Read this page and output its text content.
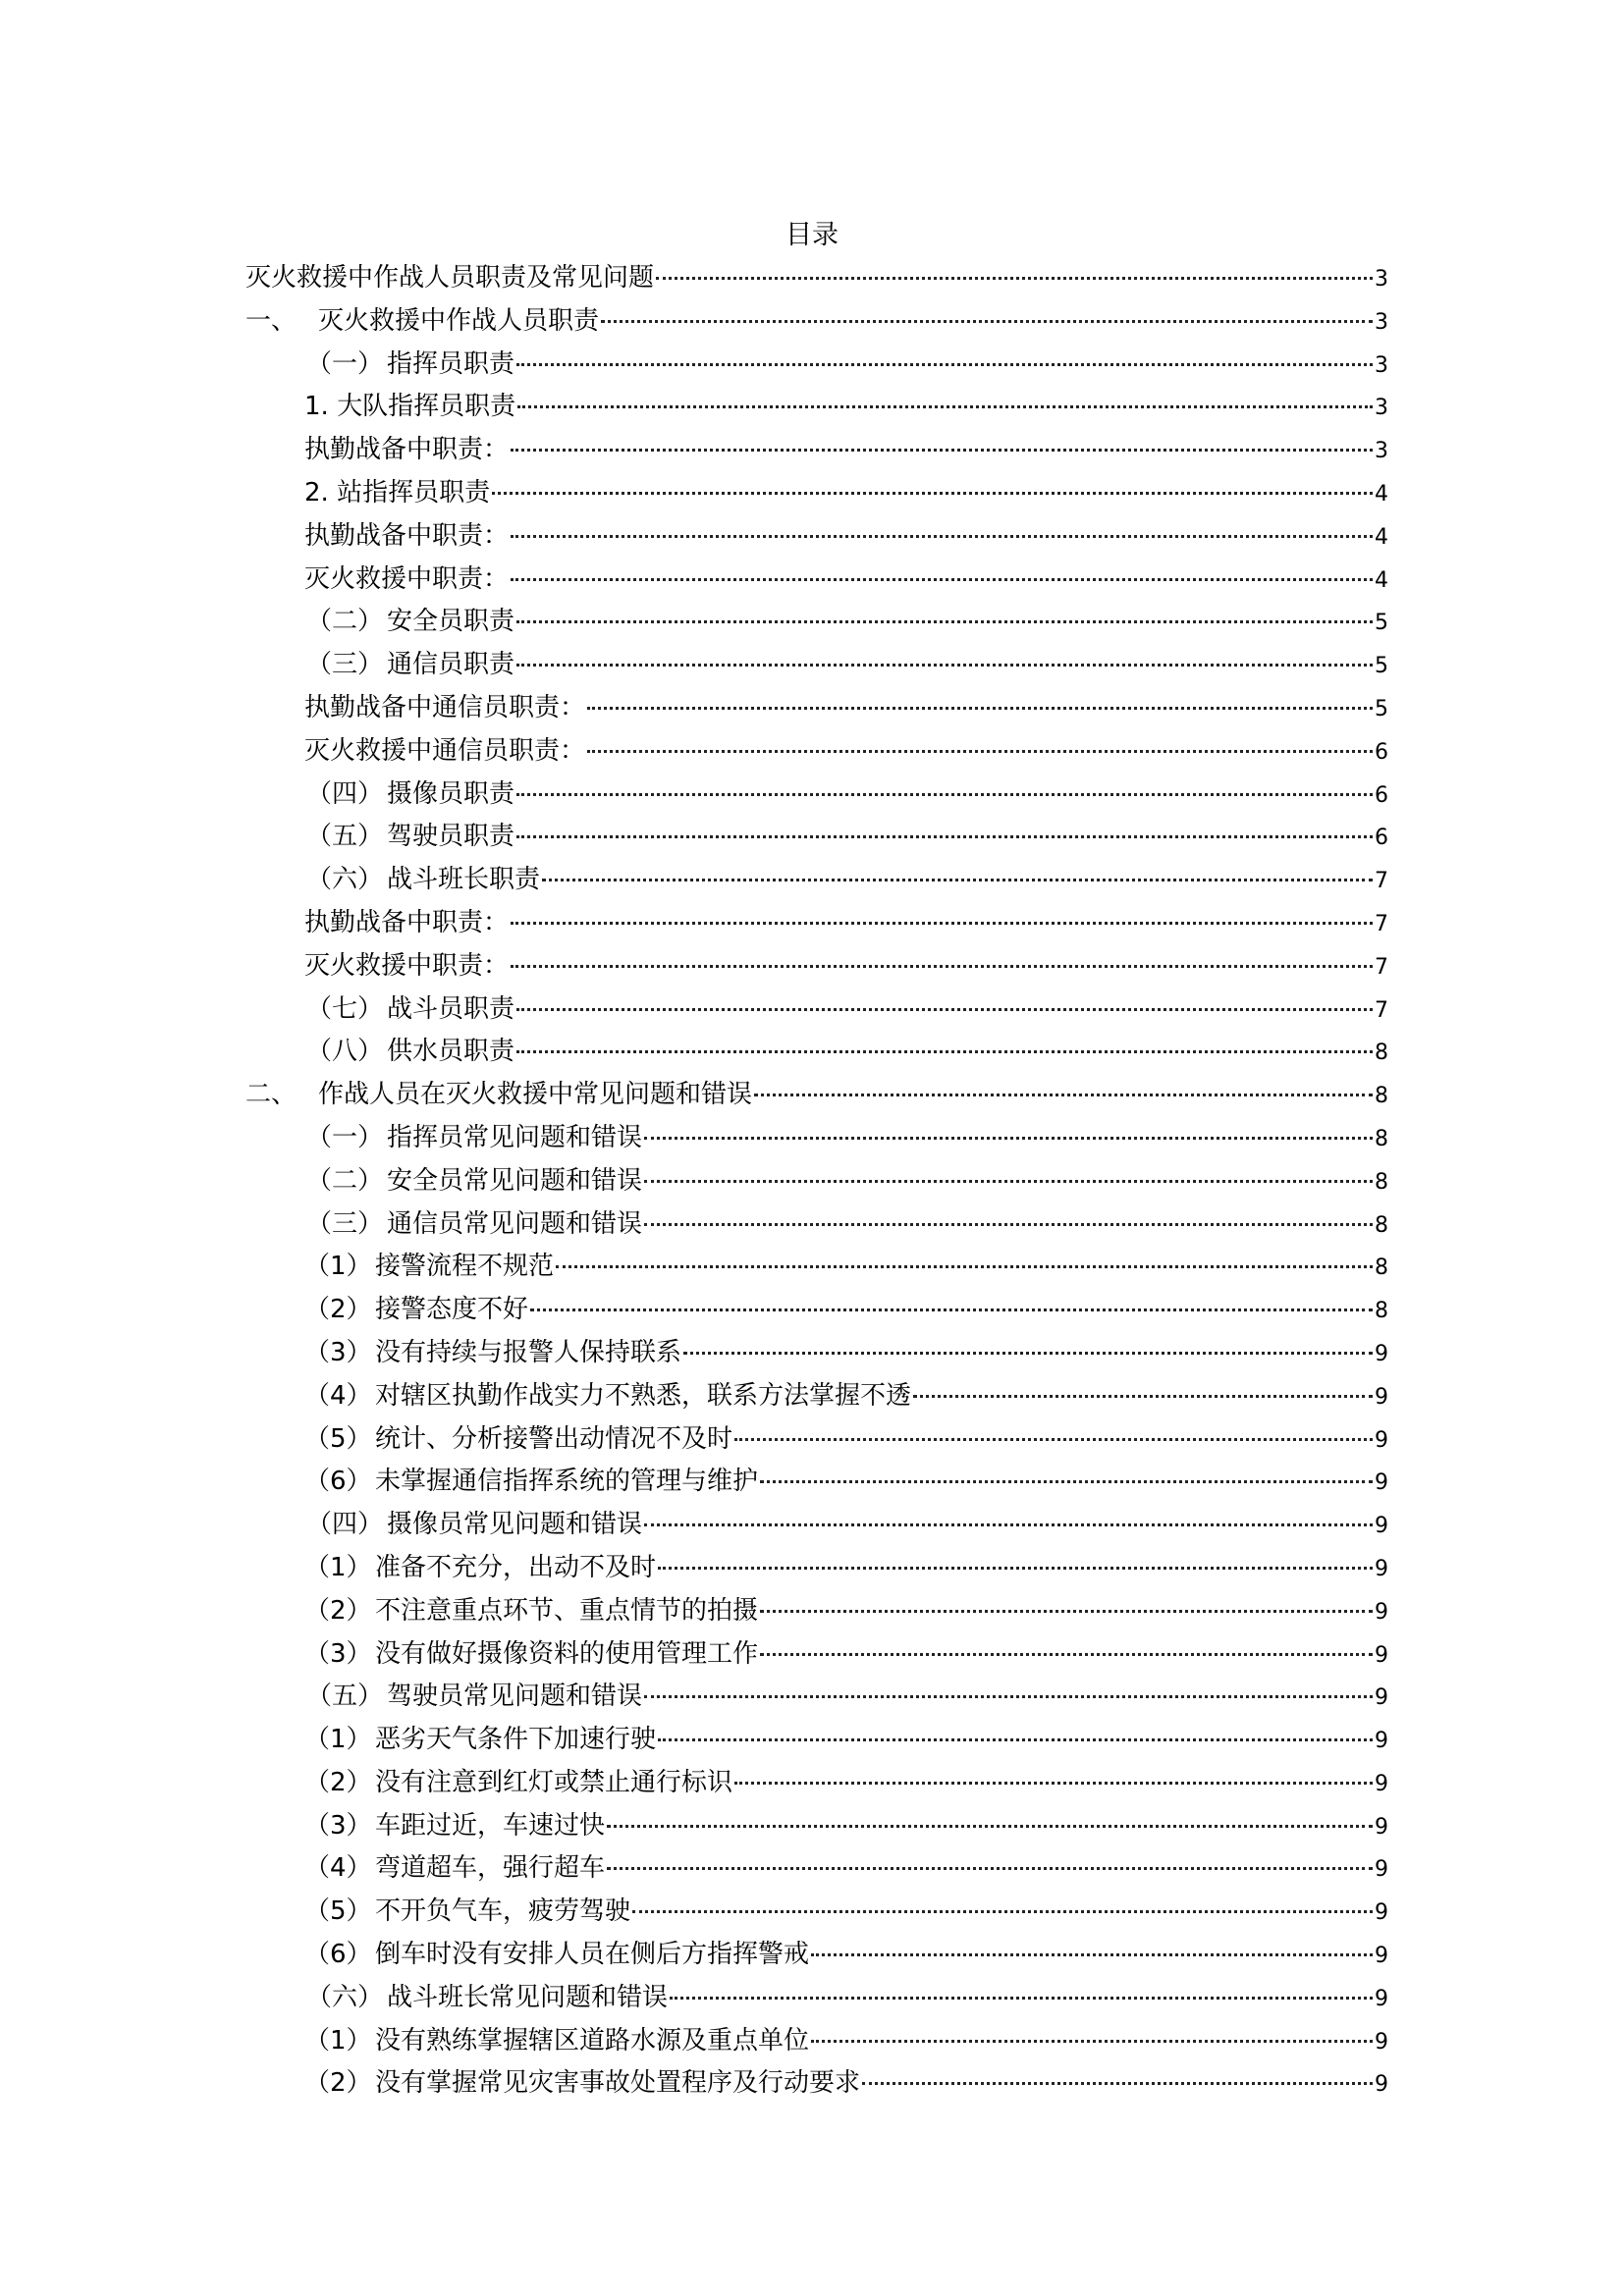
目录
灭火救援中作战人员职责及常见问题	3
一、 灭火救援中作战人员职责	3
（一） 指挥员职责	3
1. 大队指挥员职责	3
执勤战备中职责：	3
2. 站指挥员职责	4
执勤战备中职责：	4
灭火救援中职责：	4
（二） 安全员职责	5
（三） 通信员职责	5
执勤战备中通信员职责：	5
灭火救援中通信员职责：	6
（四） 摄像员职责	6
（五） 驾驶员职责	6
（六） 战斗班长职责	7
执勤战备中职责：	7
灭火救援中职责：	7
（七） 战斗员职责	7
（八） 供水员职责	8
二、 作战人员在灭火救援中常见问题和错误	8
（一） 指挥员常见问题和错误	8
（二） 安全员常见问题和错误	8
（三） 通信员常见问题和错误	8
（1） 接警流程不规范	8
（2） 接警态度不好	8
（3） 没有持续与报警人保持联系	9
（4） 对辖区执勤作战实力不熟悉，联系方法掌握不透	9
（5） 统计、分析接警出动情况不及时	9
（6） 未掌握通信指挥系统的管理与维护	9
（四） 摄像员常见问题和错误	9
（1） 准备不充分，出动不及时	9
（2） 不注意重点环节、重点情节的拍摄	9
（3） 没有做好摄像资料的使用管理工作	9
（五） 驾驶员常见问题和错误	9
（1） 恶劣天气条件下加速行驶	9
（2） 没有注意到红灯或禁止通行标识	9
（3） 车距过近，车速过快	9
（4） 弯道超车，强行超车	9
（5） 不开负气车，疲劳驾驶	9
（6） 倒车时没有安排人员在侧后方指挥警戒	9
（六） 战斗班长常见问题和错误	9
（1） 没有熟练掌握辖区道路水源及重点单位	9
（2） 没有掌握常见灾害事故处置程序及行动要求	9
